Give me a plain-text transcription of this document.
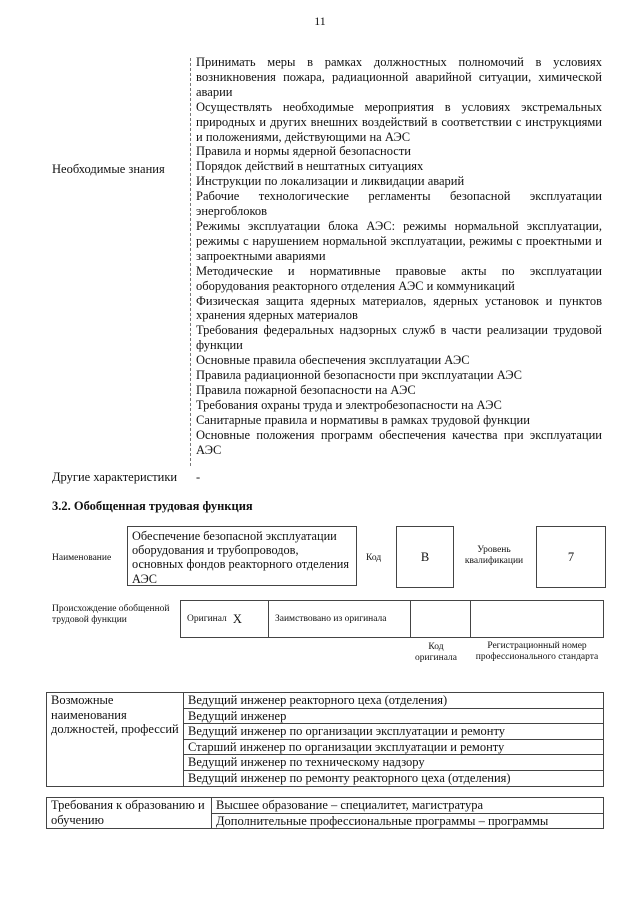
11
Необходимые знания

Принимать меры в рамках должностных полномочий в условиях возникновения пожара, радиационной аварийной ситуации, химической аварии

Осуществлять необходимые мероприятия в условиях экстремальных природных и других внешних воздействий в соответствии с инструкциями и положениями, действующими на АЭС

Правила и нормы ядерной безопасности

Порядок действий в нештатных ситуациях

Инструкции по локализации и ликвидации аварий

Рабочие технологические регламенты безопасной эксплуатации энергоблоков

Режимы эксплуатации блока АЭС: режимы нормальной эксплуатации, режимы с нарушением нормальной эксплуатации, режимы с проектными и запроектными авариями

Методические и нормативные правовые акты по эксплуатации оборудования реакторного отделения АЭС и коммуникаций

Физическая защита ядерных материалов, ядерных установок и пунктов хранения ядерных материалов

Требования федеральных надзорных служб в части реализации трудовой функции

Основные правила обеспечения эксплуатации АЭС

Правила радиационной безопасности при эксплуатации АЭС

Правила пожарной безопасности на АЭС

Требования охраны труда и электробезопасности на АЭС

Санитарные правила и нормативы в рамках трудовой функции

Основные положения программ обеспечения качества при эксплуатации АЭС

Другие характеристики -
3.2. Обобщенная трудовая функция
Наименование
Обеспечение безопасной эксплуатации оборудования и трубопроводов, основных фондов реакторного отделения АЭС
Код	B	Уровень квалификации	7
Происхождение обобщенной трудовой функции	Оригинал X	Заимствовано из оригинала
Код оригинала
Регистрационный номер профессионального стандарта
Возможные наименования должностей, профессий	Ведущий инженер реакторного цеха (отделения)
Ведущий инженер
Ведущий инженер по организации эксплуатации и ремонту
Старший инженер по организации эксплуатации и ремонту
Ведущий инженер по техническому надзору
Ведущий инженер по ремонту реакторного цеха (отделения)
Требования к образованию и обучению	Высшее образование – специалитет, магистратура
Дополнительные профессиональные программы – программы
